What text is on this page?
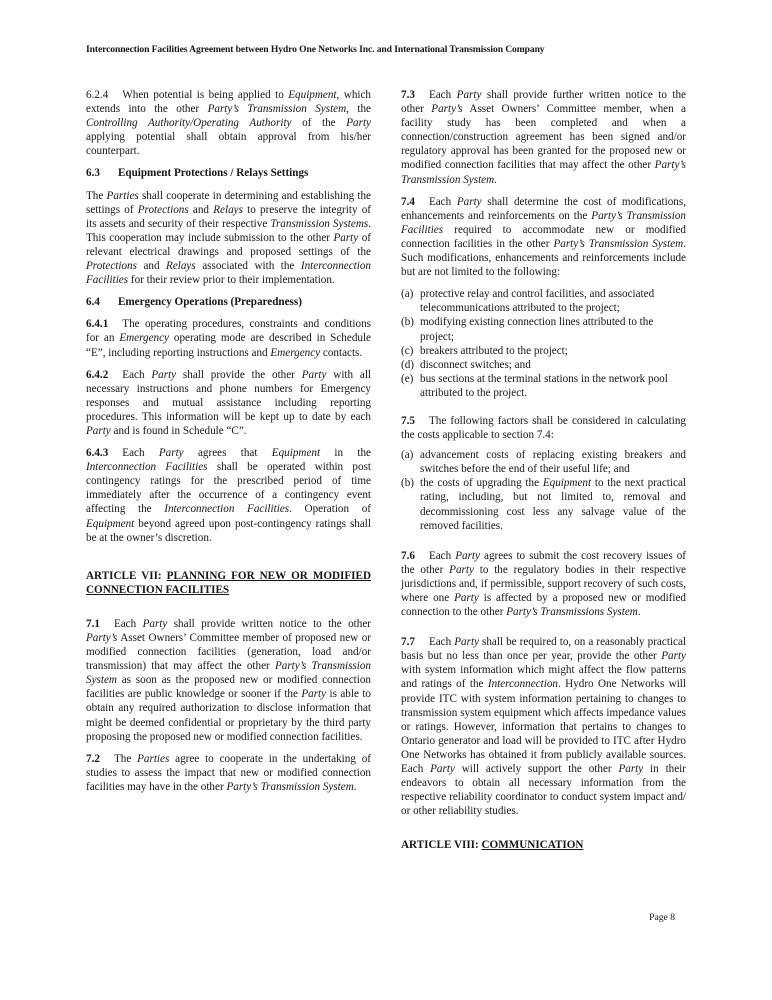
Interconnection Facilities Agreement between Hydro One Networks Inc. and International Transmission Company

6.2.4 When potential is being applied to Equipment, which extends into the other Party’s Transmission System, the Controlling Authority/Operating Authority of the Party applying potential shall obtain approval from his/her counterpart.

6.3 Equipment Protections / Relays Settings

The Parties shall cooperate in determining and establishing the settings of Protections and Relays to preserve the integrity of its assets and security of their respective Transmission Systems. This cooperation may include submission to the other Party of relevant electrical drawings and proposed settings of the Protections and Relays associated with the Interconnection Facilities for their review prior to their implementation.

6.4 Emergency Operations (Preparedness)

6.4.1 The operating procedures, constraints and conditions for an Emergency operating mode are described in Schedule “E”, including reporting instructions and Emergency contacts.

6.4.2 Each Party shall provide the other Party with all necessary instructions and phone numbers for Emergency responses and mutual assistance including reporting procedures. This information will be kept up to date by each Party and is found in Schedule “C”.

6.4.3 Each Party agrees that Equipment in the Interconnection Facilities shall be operated within post contingency ratings for the prescribed period of time immediately after the occurrence of a contingency event affecting the Interconnection Facilities. Operation of Equipment beyond agreed upon post-contingency ratings shall be at the owner’s discretion.

ARTICLE VII: PLANNING FOR NEW OR MODIFIED CONNECTION FACILITIES

7.1 Each Party shall provide written notice to the other Party’s Asset Owners’ Committee member of proposed new or modified connection facilities (generation, load and/or transmission) that may affect the other Party’s Transmission System as soon as the proposed new or modified connection facilities are public knowledge or sooner if the Party is able to obtain any required authorization to disclose information that might be deemed confidential or proprietary by the third party proposing the proposed new or modified connection facilities.

7.2 The Parties agree to cooperate in the undertaking of studies to assess the impact that new or modified connection facilities may have in the other Party’s Transmission System.

7.3 Each Party shall provide further written notice to the other Party’s Asset Owners’ Committee member, when a facility study has been completed and when a connection/construction agreement has been signed and/or regulatory approval has been granted for the proposed new or modified connection facilities that may affect the other Party’s Transmission System.

7.4 Each Party shall determine the cost of modifications, enhancements and reinforcements on the Party’s Transmission Facilities required to accommodate new or modified connection facilities in the other Party’s Transmission System. Such modifications, enhancements and reinforcements include but are not limited to the following:

(a) protective relay and control facilities, and associated telecommunications attributed to the project;
(b) modifying existing connection lines attributed to the project;
(c) breakers attributed to the project;
(d) disconnect switches; and
(e) bus sections at the terminal stations in the network pool attributed to the project.

7.5 The following factors shall be considered in calculating the costs applicable to section 7.4:

(a) advancement costs of replacing existing breakers and switches before the end of their useful life; and
(b) the costs of upgrading the Equipment to the next practical rating, including, but not limited to, removal and decommissioning cost less any salvage value of the removed facilities.

7.6 Each Party agrees to submit the cost recovery issues of the other Party to the regulatory bodies in their respective jurisdictions and, if permissible, support recovery of such costs, where one Party is affected by a proposed new or modified connection to the other Party’s Transmissions System.

7.7 Each Party shall be required to, on a reasonably practical basis but no less than once per year, provide the other Party with system information which might affect the flow patterns and ratings of the Interconnection. Hydro One Networks will provide ITC with system information pertaining to changes to transmission system equipment which affects impedance values or ratings. However, information that pertains to changes to Ontario generator and load will be provided to ITC after Hydro One Networks has obtained it from publicly available sources. Each Party will actively support the other Party in their endeavors to obtain all necessary information from the respective reliability coordinator to conduct system impact and/ or other reliability studies.

ARTICLE VIII: COMMUNICATION

Page 8
